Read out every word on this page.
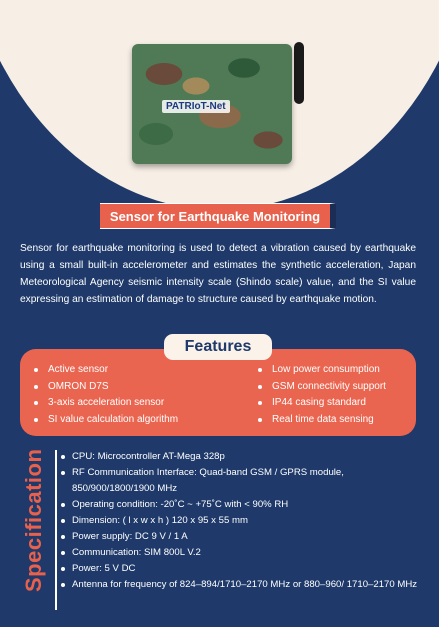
PATRIoT-Net
Sensor for Earthquake Monitoring

Sensor for earthquake monitoring is used to detect a vibration caused by earthquake using a small built-in accelerometer and estimates the synthetic acceleration, Japan Meteorological Agency seismic intensity scale (Shindo scale) value, and the SI value expressing an estimation of damage to structure caused by earthquake motion.

Features
Active sensor
OMRON D7S
3-axis acceleration sensor
SI value calculation algorithm
Low power consumption
GSM connectivity support
IP44 casing standard
Real time data sensing
Specification	CPU: Microcontroller AT-Mega 328p
RF Communication Interface: Quad-band GSM / GPRS module, 850/900/1800/1900 MHz
Operating condition: -20˚C ~ +75˚C with < 90% RH
Dimension: ( l x w x h ) 120 x 95 x 55 mm
Power supply: DC 9 V / 1 A
Communication: SIM 800L V.2
Power: 5 V DC
Antenna for frequency of 824–894/1710–2170 MHz or 880–960/ 1710–2170 MHz
